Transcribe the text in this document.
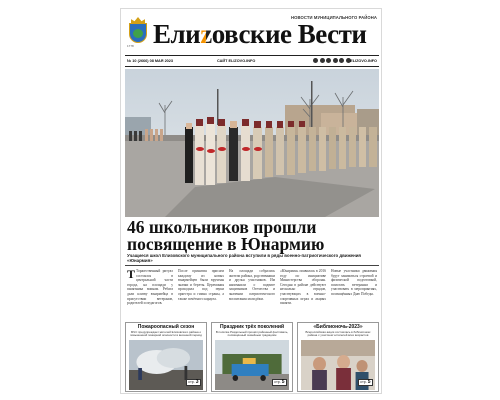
1778
НОВОСТИ МУНИЦИПАЛЬНОГО РАЙОНА
Елиzовские Вести
№ 10 (2666) 08 МАЯ 2023	САЙТ ELIZOVO.INFO	ELIZOVO.INFO
46 школьников прошли посвящение в Юнармию
Учащиеся школ Елизовского муниципального района вступили в ряды военно-патриотического движения «Юнармия»
Т Торжественный ритуал состоялся в центральной части города, на площади у памятника воинам. Ребята дали клятву юнармейца в присутствии ветеранов, родителей и педагогов.
После принятия присяги каждому из новых юнармейцев были вручены значки и береты. Церемония проходила под звуки оркестра и гимна страны, а также почётного караула.
На площади собрались жители района, родственники и друзья участников. Им напомнили о подвиге защитников Отечества и значении патриотического воспитания молодёжи.
«Юнармия» появилась в 2016 году по инициативе Министерства обороны. Сегодня в районе действуют несколько отрядов, участвующих в военно-спортивных играх и акциях памяти.
Новые участники движения будут заниматься строевой и физической подготовкой, помогать ветеранам и участвовать в мероприятиях, посвящённых Дню Победы.
Пожароопасный сезон
МЧС предупреждает жителей Елизовского района о повышенной пожарной опасности в весенний период
стр. 3
Праздник трёх поколений
В посёлке Раздольный прошёл районный фестиваль, посвящённый семейным традициям
стр. 5
«Библионочь-2023»
Всероссийская акция состоялась в библиотеках района с участием читателей всех возрастов
стр. 5
